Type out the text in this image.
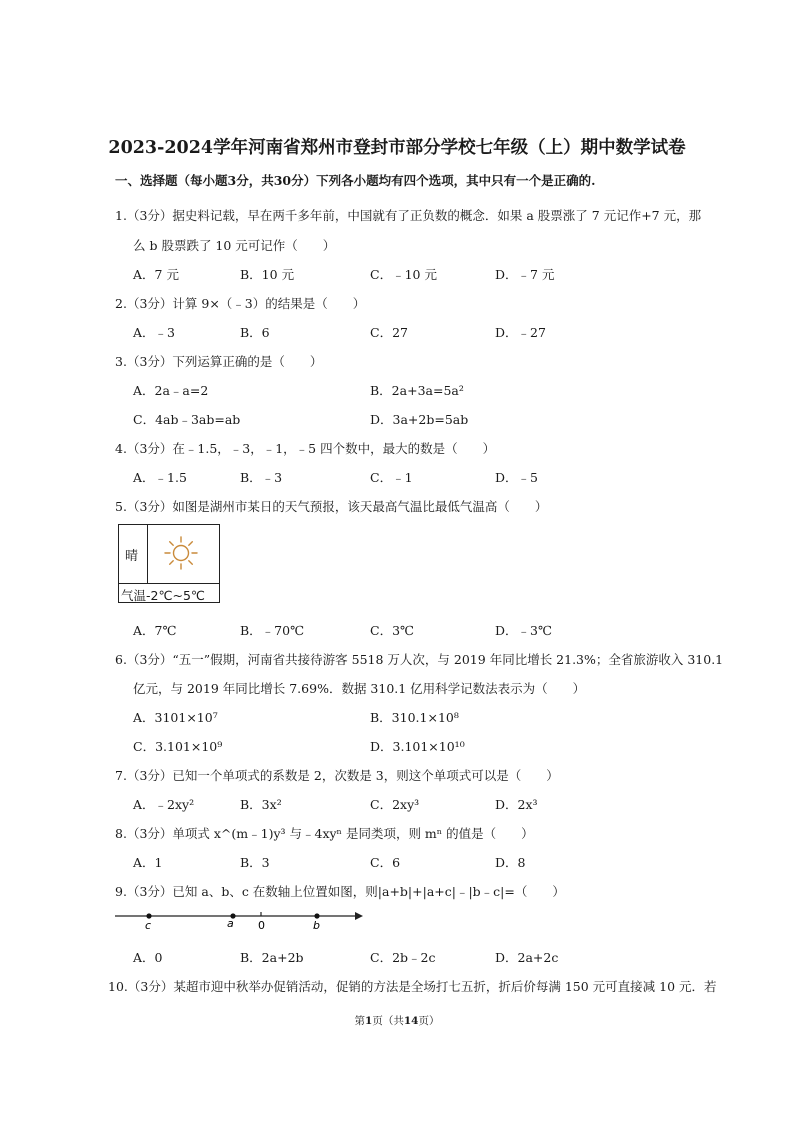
2023-2024学年河南省郑州市登封市部分学校七年级（上）期中数学试卷
一、选择题（每小题3分，共30分）下列各小题均有四个选项，其中只有一个是正确的.
1.（3分）据史料记载，早在两千多年前，中国就有了正负数的概念．如果 a 股票涨了 7 元记作+7 元，那
么 b 股票跌了 10 元可记作（　　）
A．7 元	B．10 元	C．﹣10 元	D．﹣7 元
2.（3分）计算 9×（﹣3）的结果是（　　）
A．﹣3	B．6	C．27	D．﹣27
3.（3分）下列运算正确的是（　　）
A．2a﹣a=2	B．2a+3a=5a²
C．4ab﹣3ab=ab	D．3a+2b=5ab
4.（3分）在﹣1.5，﹣3，﹣1，﹣5 四个数中，最大的数是（　　）
A．﹣1.5	B．﹣3	C．﹣1	D．﹣5
5.（3分）如图是湖州市某日的天气预报，该天最高气温比最低气温高（　　）
晴
气温-2℃~5℃
A．7℃	B．﹣70℃	C．3℃	D．﹣3℃
6.（3分）“五一”假期，河南省共接待游客 5518 万人次，与 2019 年同比增长 21.3%；全省旅游收入 310.1
亿元，与 2019 年同比增长 7.69%．数据 310.1 亿用科学记数法表示为（　　）
A．3101×10⁷	B．310.1×10⁸
C．3.101×10⁹	D．3.101×10¹⁰
7.（3分）已知一个单项式的系数是 2，次数是 3，则这个单项式可以是（　　）
A．﹣2xy²	B．3x²	C．2xy³	D．2x³
8.（3分）单项式 x^(m﹣1)y³ 与﹣4xyⁿ 是同类项，则 mⁿ 的值是（　　）
A．1	B．3	C．6	D．8
9.（3分）已知 a、b、c 在数轴上位置如图，则|a+b|+|a+c|﹣|b﹣c|=（　　）
c	a 0	b
A．0	B．2a+2b	C．2b﹣2c	D．2a+2c
10.（3分）某超市迎中秋举办促销活动，促销的方法是全场打七五折，折后价每满 150 元可直接减 10 元．若
第1页（共14页）
